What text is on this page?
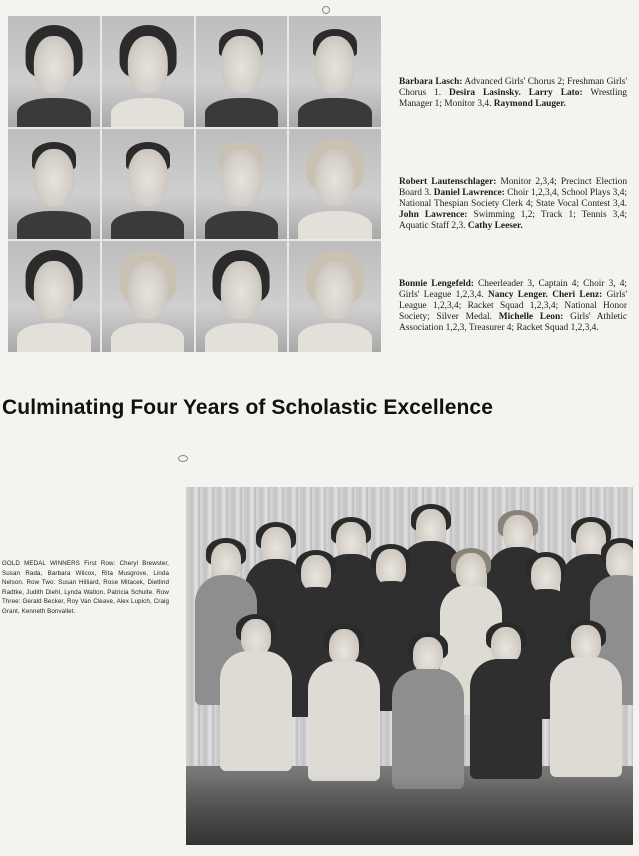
Barbara Lasch: Advanced Girls' Chorus 2; Freshman Girls' Chorus 1. Desira Lasinsky. Larry Lato: Wrestling Manager 1; Monitor 3,4. Raymond Lauger.
Robert Lautenschlager: Monitor 2,3,4; Precinct Election Board 3. Daniel Lawrence: Choir 1,2,3,4, School Plays 3,4; National Thespian Society Clerk 4; State Vocal Contest 3,4. John Lawrence: Swimming 1,2; Track 1; Tennis 3,4; Aquatic Staff 2,3. Cathy Leeser.
Bonnie Lengefeld: Cheerleader 3, Captain 4; Choir 3, 4; Girls' League 1,2,3,4. Nancy Lenger. Cheri Lenz: Girls' League 1,2,3,4; Racket Squad 1,2,3,4; National Honor Society; Silver Medal. Michelle Leon: Girls' Athletic Association 1,2,3, Treasurer 4; Racket Squad 1,2,3,4.
Culminating Four Years of Scholastic Excellence
GOLD MEDAL WINNERS First Row: Cheryl Brewster, Susan Rada, Barbara Wilcox, Rita Musgrove, Linda Nelson. Row Two: Susan Hilliard, Rose Mitacek, Dietlind Radtke, Judith Diehl, Lynda Walton, Patricia Schulte. Row Three: Gerald Becker, Roy Van Cleave, Alex Lupich, Craig Grant, Kenneth Bonvallet.
